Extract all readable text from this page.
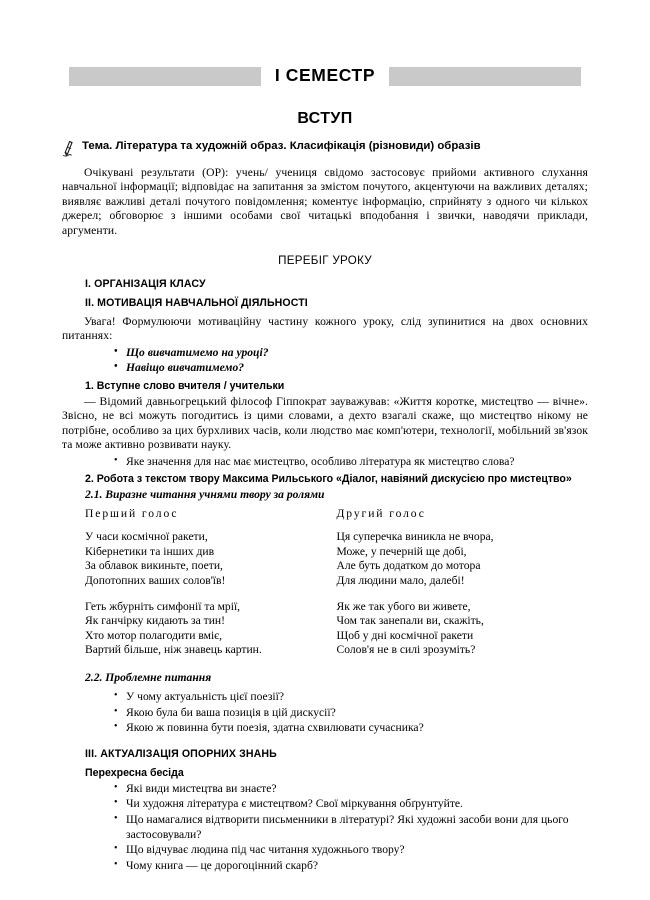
І СЕМЕСТР
ВСТУП
Тема. Література та художній образ. Класифікація (різновиди) образів

Очікувані результати (ОР): учень/ учениця свідомо застосовує прийоми активного слухання навчальної інформації; відповідає на запитання за змістом почутого, акцентуючи на важливих деталях; виявляє важливі деталі почутого повідомлення; коментує інформацію, сприйняту з одного чи кількох джерел; обговорює з іншими особами свої читацькі вподобання і звички, наводячи приклади, аргументи.

ПЕРЕБІГ УРОКУ
I. ОРГАНІЗАЦІЯ КЛАСУ
II. МОТИВАЦІЯ НАВЧАЛЬНОЇ ДІЯЛЬНОСТІ

Увага! Формулюючи мотиваційну частину кожного уроку, слід зупинитися на двох основних питаннях:

• Що вивчатимемо на уроці?
• Навіщо вивчатимемо?
1. Вступне слово вчителя / учительки

— Відомий давньогрецький філософ Гіппократ зауважував: «Життя коротке, мистецтво — вічне». Звісно, не всі можуть погодитись із цими словами, а дехто взагалі скаже, що мистецтво нікому не потрібне, особливо за цих бурхливих часів, коли людство має комп'ютери, технології, мобільний зв'язок та може активно розвивати науку.

• Яке значення для нас має мистецтво, особливо література як мистецтво слова?
2. Робота з текстом твору Максима Рильського «Діалог, навіяний дискусією про мистецтво»
2.1. Виразне читання учнями твору за ролями
Перший голос
У часи космічної ракети,
Кібернетики та інших див
За облавок викиньте, поети,
Допотопних ваших солов'їв!
Геть жбурніть симфонії та мрії,
Як ганчірку кидають за тин!
Хто мотор полагодити вміє,
Вартий більше, ніж знавець картин.
Другий голос
Ця суперечка виникла не вчора,
Може, у печерній ще добі,
Але буть додатком до мотора
Для людини мало, далебі!
Як же так убого ви живете,
Чом так занепали ви, скажіть,
Щоб у дні космічної ракети
Солов'я не в силі зрозуміть?
2.2. Проблемне питання
• У чому актуальність цієї поезії?
• Якою була би ваша позиція в цій дискусії?
• Якою ж повинна бути поезія, здатна схвилювати сучасника?
III. АКТУАЛІЗАЦІЯ ОПОРНИХ ЗНАНЬ
Перехресна бесіда
• Які види мистецтва ви знаєте?
• Чи художня література є мистецтвом? Свої міркування обґрунтуйте.
• Що намагалися відтворити письменники в літературі? Які художні засоби вони для цього застосовували?
• Що відчуває людина під час читання художнього твору?
• Чому книга — це дорогоцінний скарб?
